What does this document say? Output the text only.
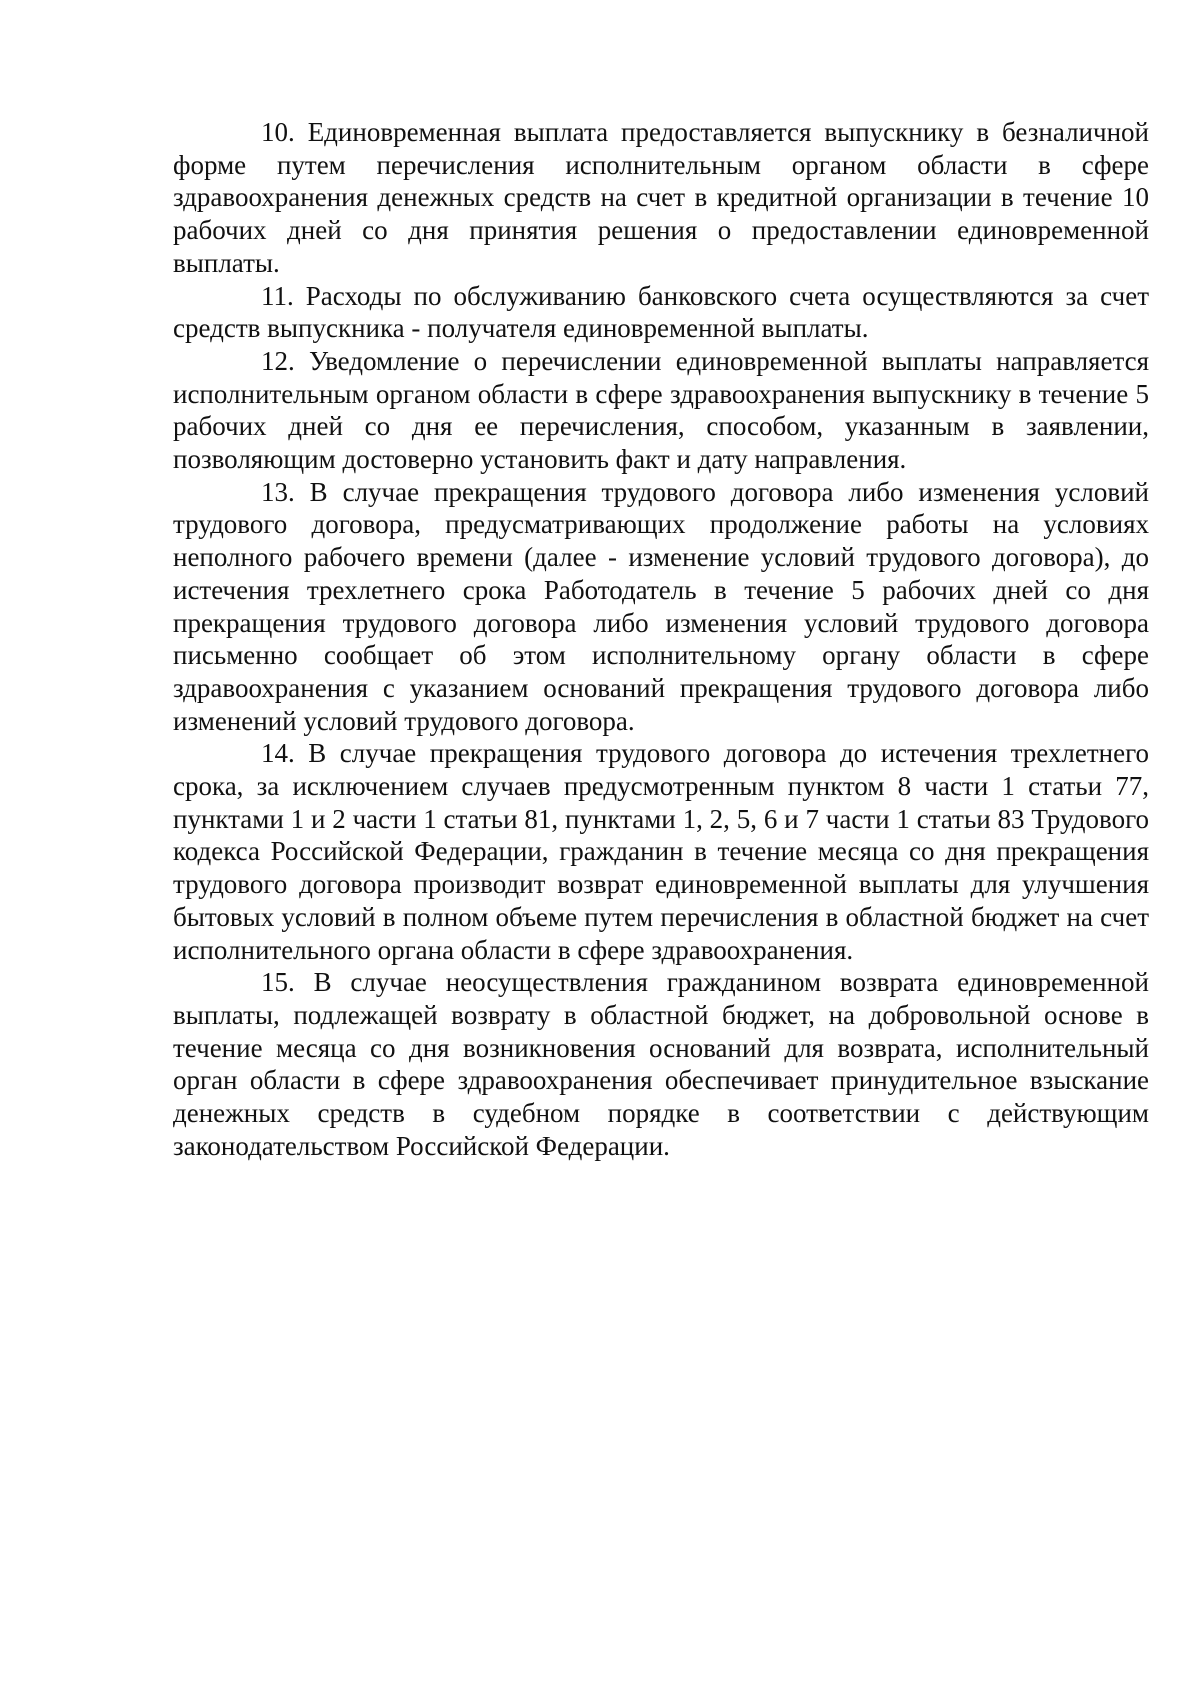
10. Единовременная выплата предоставляется выпускнику в безналичной форме путем перечисления исполнительным органом области в сфере здравоохранения денежных средств на счет в кредитной организации в течение 10 рабочих дней со дня принятия решения о предоставлении единовременной выплаты.

11. Расходы по обслуживанию банковского счета осуществляются за счет средств выпускника - получателя единовременной выплаты.

12. Уведомление о перечислении единовременной выплаты направляется исполнительным органом области в сфере здравоохранения выпускнику в течение 5 рабочих дней со дня ее перечисления, способом, указанным в заявлении, позволяющим достоверно установить факт и дату направления.

13. В случае прекращения трудового договора либо изменения условий трудового договора, предусматривающих продолжение работы на условиях неполного рабочего времени (далее - изменение условий трудового договора), до истечения трехлетнего срока Работодатель в течение 5 рабочих дней со дня прекращения трудового договора либо изменения условий трудового договора письменно сообщает об этом исполнительному органу области в сфере здравоохранения с указанием оснований прекращения трудового договора либо изменений условий трудового договора.

14. В случае прекращения трудового договора до истечения трехлетнего срока, за исключением случаев предусмотренным пунктом 8 части 1 статьи 77, пунктами 1 и 2 части 1 статьи 81, пунктами 1, 2, 5, 6 и 7 части 1 статьи 83 Трудового кодекса Российской Федерации, гражданин в течение месяца со дня прекращения трудового договора производит возврат единовременной выплаты для улучшения бытовых условий в полном объеме путем перечисления в областной бюджет на счет исполнительного органа области в сфере здравоохранения.

15. В случае неосуществления гражданином возврата единовременной выплаты, подлежащей возврату в областной бюджет, на добровольной основе в течение месяца со дня возникновения оснований для возврата, исполнительный орган области в сфере здравоохранения обеспечивает принудительное взыскание денежных средств в судебном порядке в соответствии с действующим законодательством Российской Федерации.
